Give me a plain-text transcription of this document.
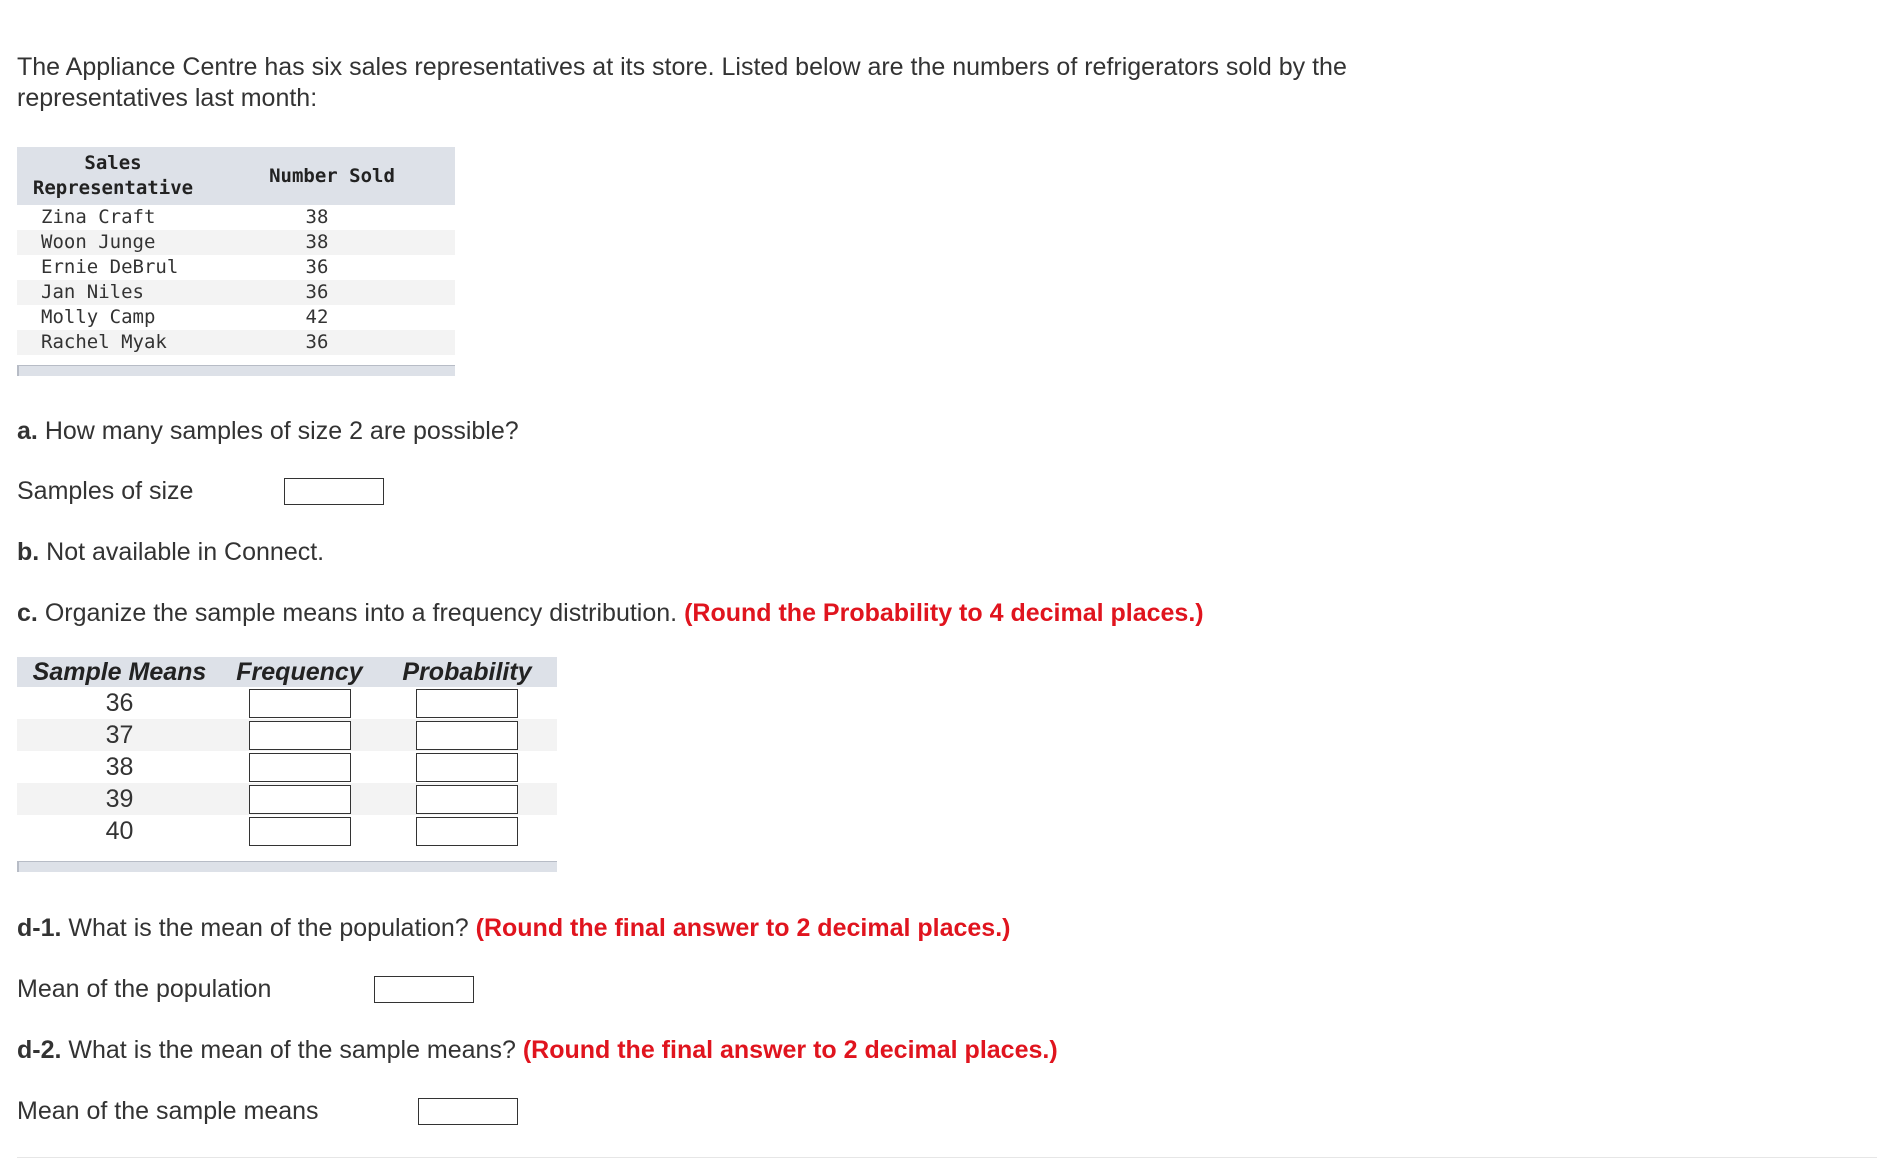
The Appliance Centre has six sales representatives at its store. Listed below are the numbers of refrigerators sold by the representatives last month:

Sales
Representative	Number Sold
Zina Craft	38
Woon Junge	38
Ernie DeBrul	36
Jan Niles	36
Molly Camp	42
Rachel Myak	36

a. How many samples of size 2 are possible?

Samples of size

b. Not available in Connect.

c. Organize the sample means into a frequency distribution. (Round the Probability to 4 decimal places.)

Sample Means	Frequency	Probability
36		
37		
38		
39		
40		

d-1. What is the mean of the population? (Round the final answer to 2 decimal places.)

Mean of the population

d-2. What is the mean of the sample means? (Round the final answer to 2 decimal places.)

Mean of the sample means
